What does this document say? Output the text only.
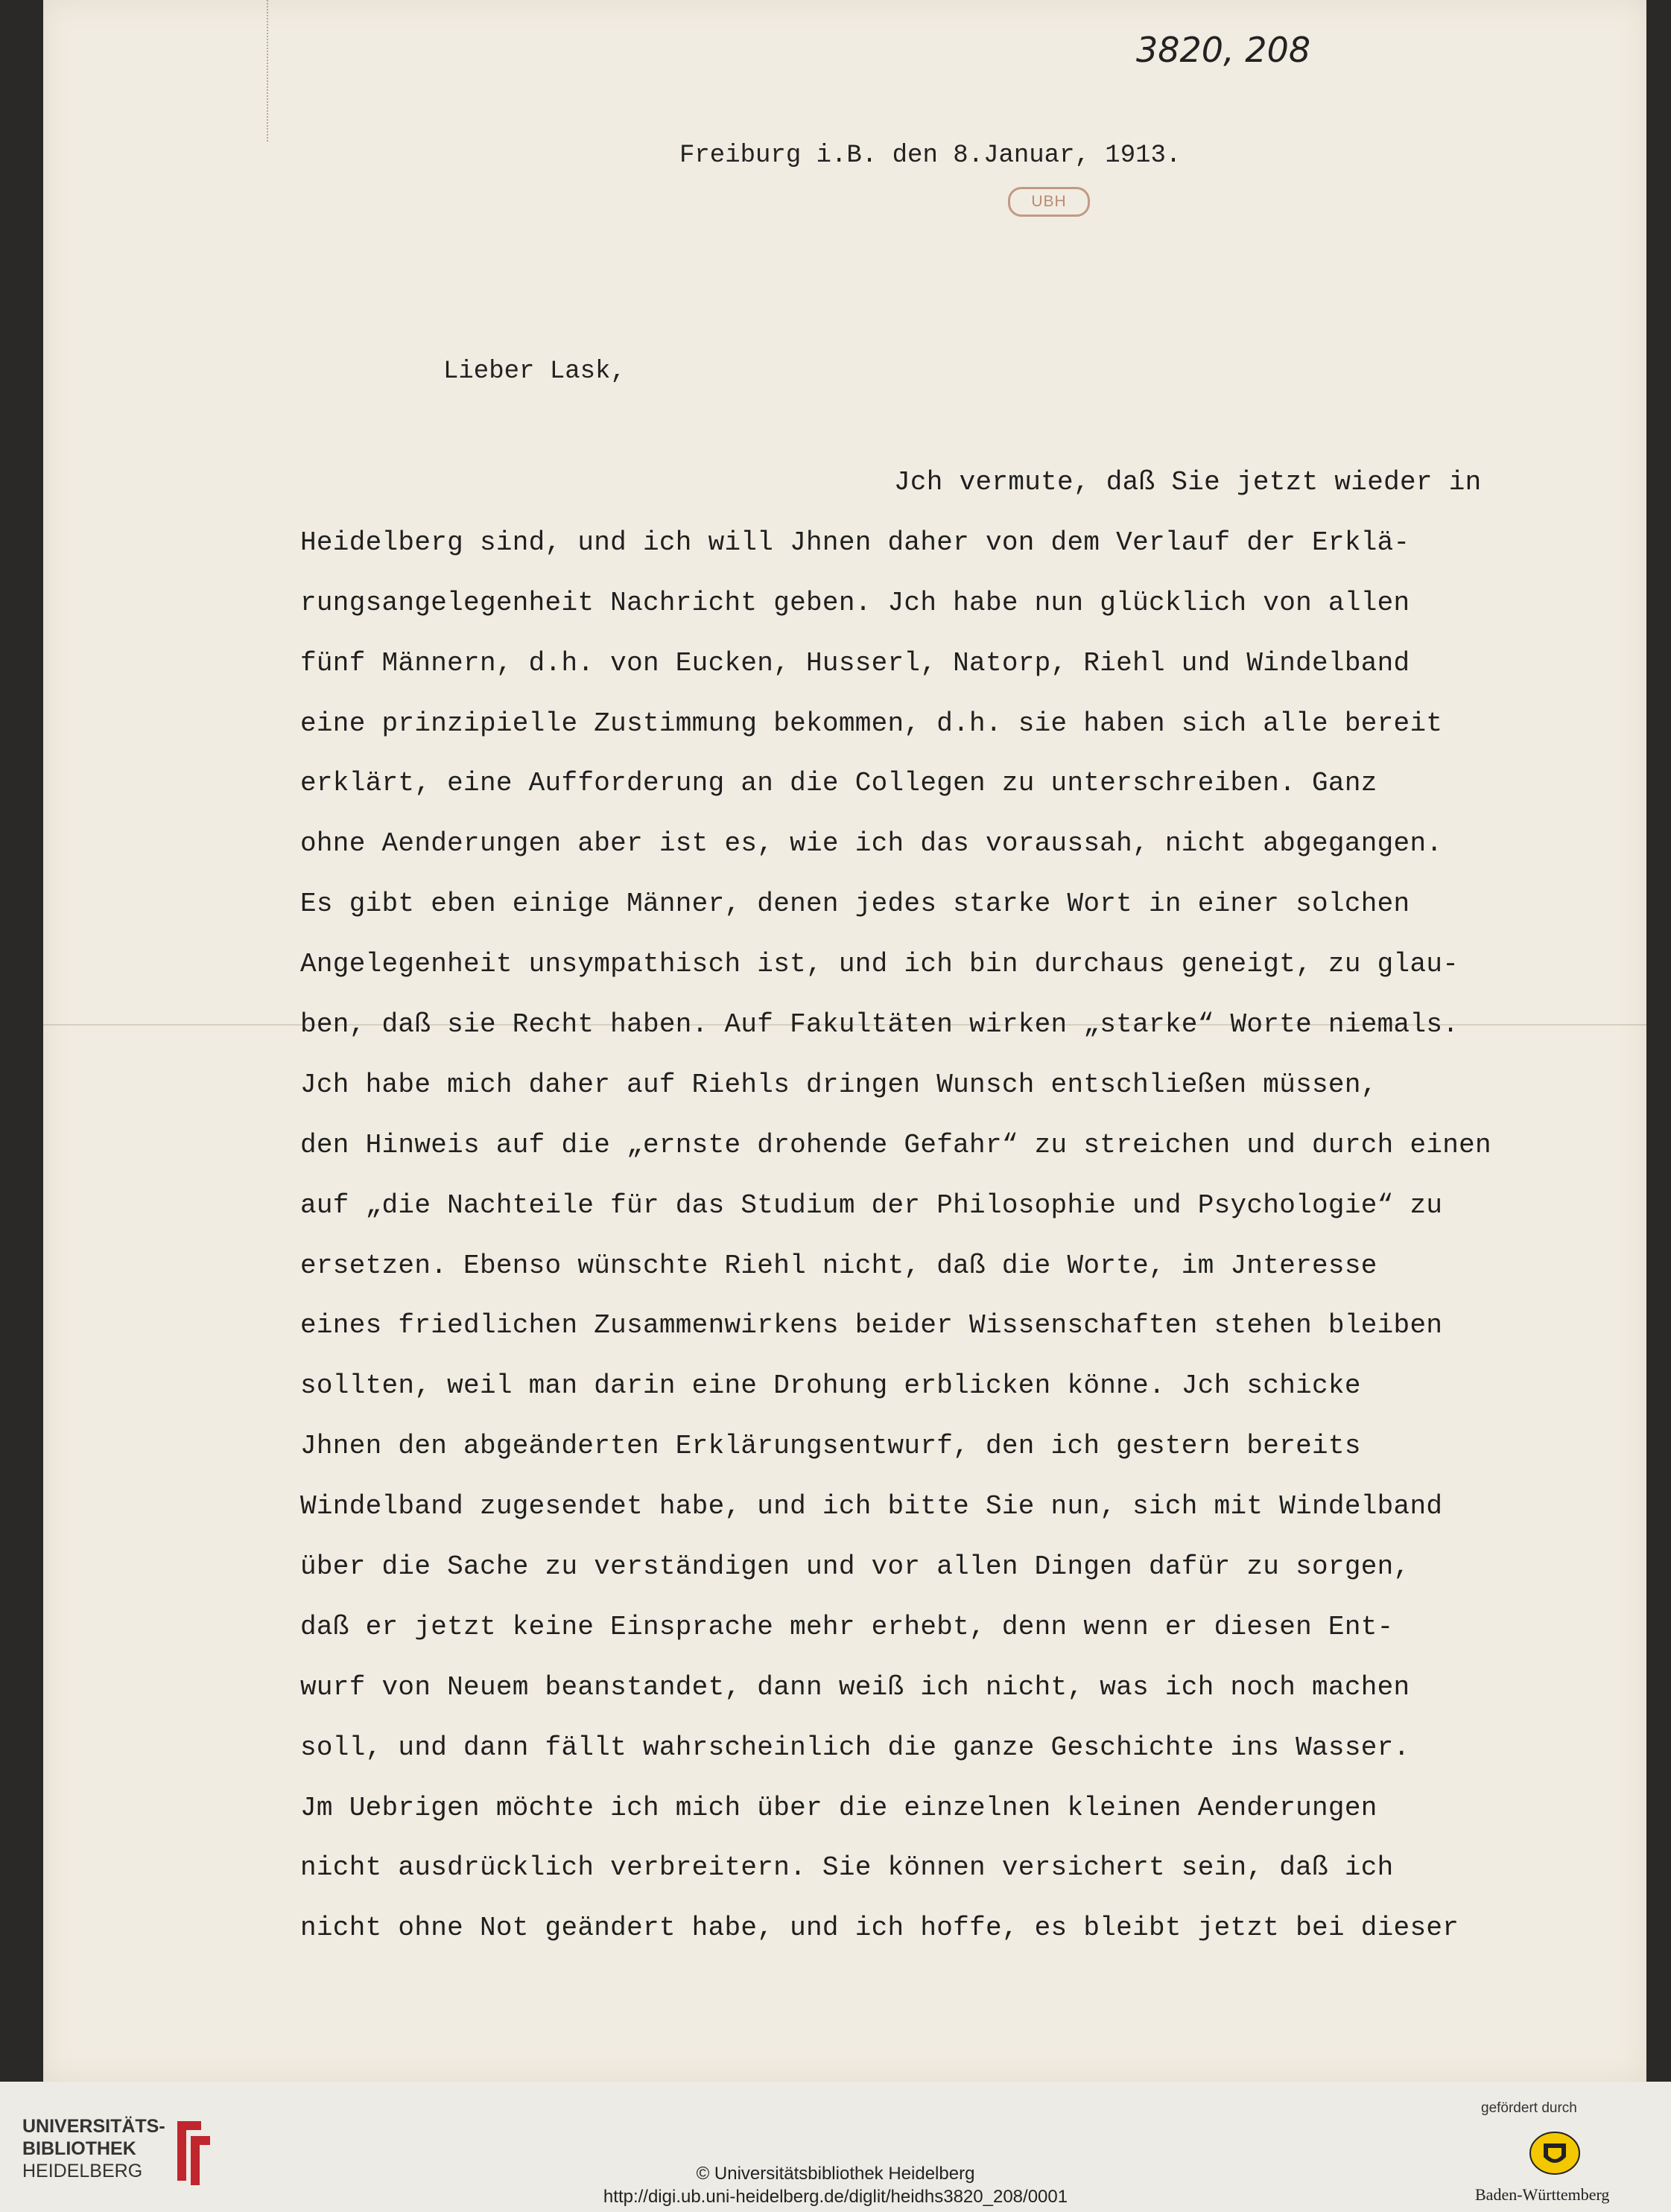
3820, 208
Freiburg i.B. den 8.Januar, 1913.
UBH
Lieber Lask,
Jch vermute, daß Sie jetzt wieder in
Heidelberg sind, und ich will Jhnen daher von dem Verlauf der Erklä-
rungsangelegenheit Nachricht geben. Jch habe nun glücklich von allen
fünf Männern, d.h. von Eucken, Husserl, Natorp, Riehl und Windelband
eine prinzipielle Zustimmung bekommen, d.h. sie haben sich alle bereit
erklärt, eine Aufforderung an die Collegen zu unterschreiben. Ganz
ohne Aenderungen aber ist es, wie ich das voraussah, nicht abgegangen.
Es gibt eben einige Männer, denen jedes starke Wort in einer solchen
Angelegenheit unsympathisch ist, und ich bin durchaus geneigt, zu glau-
ben, daß sie Recht haben. Auf Fakultäten wirken „starke“ Worte niemals.
Jch habe mich daher auf Riehls dringen Wunsch entschließen müssen,
den Hinweis auf die „ernste drohende Gefahr“ zu streichen und durch einen
auf „die Nachteile für das Studium der Philosophie und Psychologie“ zu
ersetzen. Ebenso wünschte Riehl nicht, daß die Worte, im Jnteresse
eines friedlichen Zusammenwirkens beider Wissenschaften stehen bleiben
sollten, weil man darin eine Drohung erblicken könne. Jch schicke
Jhnen den abgeänderten Erklärungsentwurf, den ich gestern bereits
Windelband zugesendet habe, und ich bitte Sie nun, sich mit Windelband
über die Sache zu verständigen und vor allen Dingen dafür zu sorgen,
daß er jetzt keine Einsprache mehr erhebt, denn wenn er diesen Ent-
wurf von Neuem beanstandet, dann weiß ich nicht, was ich noch machen
soll, und dann fällt wahrscheinlich die ganze Geschichte ins Wasser.
Jm Uebrigen möchte ich mich über die einzelnen kleinen Aenderungen
nicht ausdrücklich verbreitern. Sie können versichert sein, daß ich
nicht ohne Not geändert habe, und ich hoffe, es bleibt jetzt bei dieser
UNIVERSITÄTS-
BIBLIOTHEK
HEIDELBERG	© Universitätsbibliothek Heidelberg
http://digi.ub.uni-heidelberg.de/diglit/heidhs3820_208/0001
gefördert durch
Baden-Württemberg
